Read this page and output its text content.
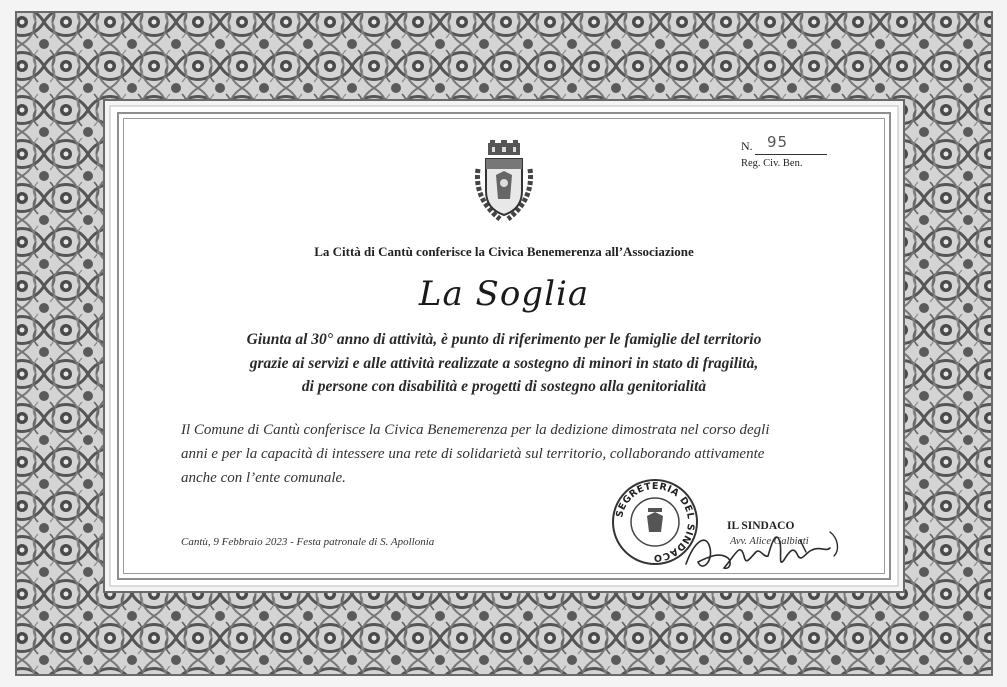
N. 95
Reg. Civ. Ben.
La Città di Cantù conferisce la Civica Benemerenza all’Associazione
La Soglia
Giunta al 30° anno di attività, è punto di riferimento per le famiglie del territorio
grazie ai servizi e alle attività realizzate a sostegno di minori in stato di fragilità,
di persone con disabilità e progetti di sostegno alla genitorialità
Il Comune di Cantù conferisce la Civica Benemerenza per la dedizione dimostrata nel corso degli
anni e per la capacità di intessere una rete di solidarietà sul territorio, collaborando attivamente
anche con l’ente comunale.
Cantù, 9 Febbraio 2023 - Festa patronale di S. Apollonia
SEGRETERIA DEL SINDACO
IL SINDACO
Avv. Alice Galbiati
